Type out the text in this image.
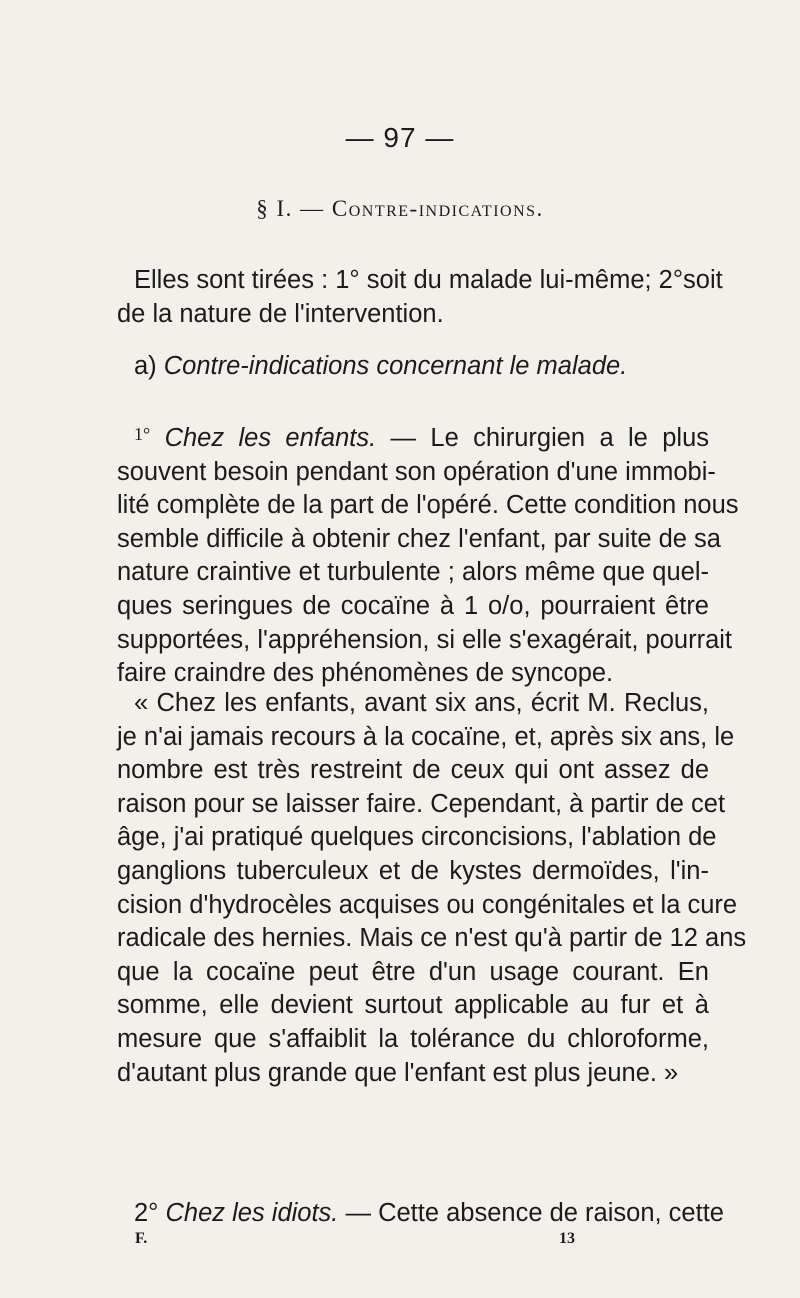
— 97 —
§ I. — Contre-indications.
Elles sont tirées : 1° soit du malade lui-même; 2°soit
de la nature de l'intervention.
a) Contre-indications concernant le malade.
$^{1^\circ}$ Chez les enfants. — Le chirurgien a le plus
souvent besoin pendant son opération d'une immobi-
lité complète de la part de l'opéré. Cette condition nous
semble difficile à obtenir chez l'enfant, par suite de sa
nature craintive et turbulente ; alors même que quel-
ques seringues de cocaïne à 1 o/o, pourraient être
supportées, l'appréhension, si elle s'exagérait, pourrait
faire craindre des phénomènes de syncope.
« Chez les enfants, avant six ans, écrit M. Reclus,
je n'ai jamais recours à la cocaïne, et, après six ans, le
nombre est très restreint de ceux qui ont assez de
raison pour se laisser faire. Cependant, à partir de cet
âge, j'ai pratiqué quelques circoncisions, l'ablation de
ganglions tuberculeux et de kystes dermoïdes, l'in-
cision d'hydrocèles acquises ou congénitales et la cure
radicale des hernies. Mais ce n'est qu'à partir de 12 ans
que la cocaïne peut être d'un usage courant. En
somme, elle devient surtout applicable au fur et à
mesure que s'affaiblit la tolérance du chloroforme,
d'autant plus grande que l'enfant est plus jeune. »
2° Chez les idiots. — Cette absence de raison, cette
F.	13
